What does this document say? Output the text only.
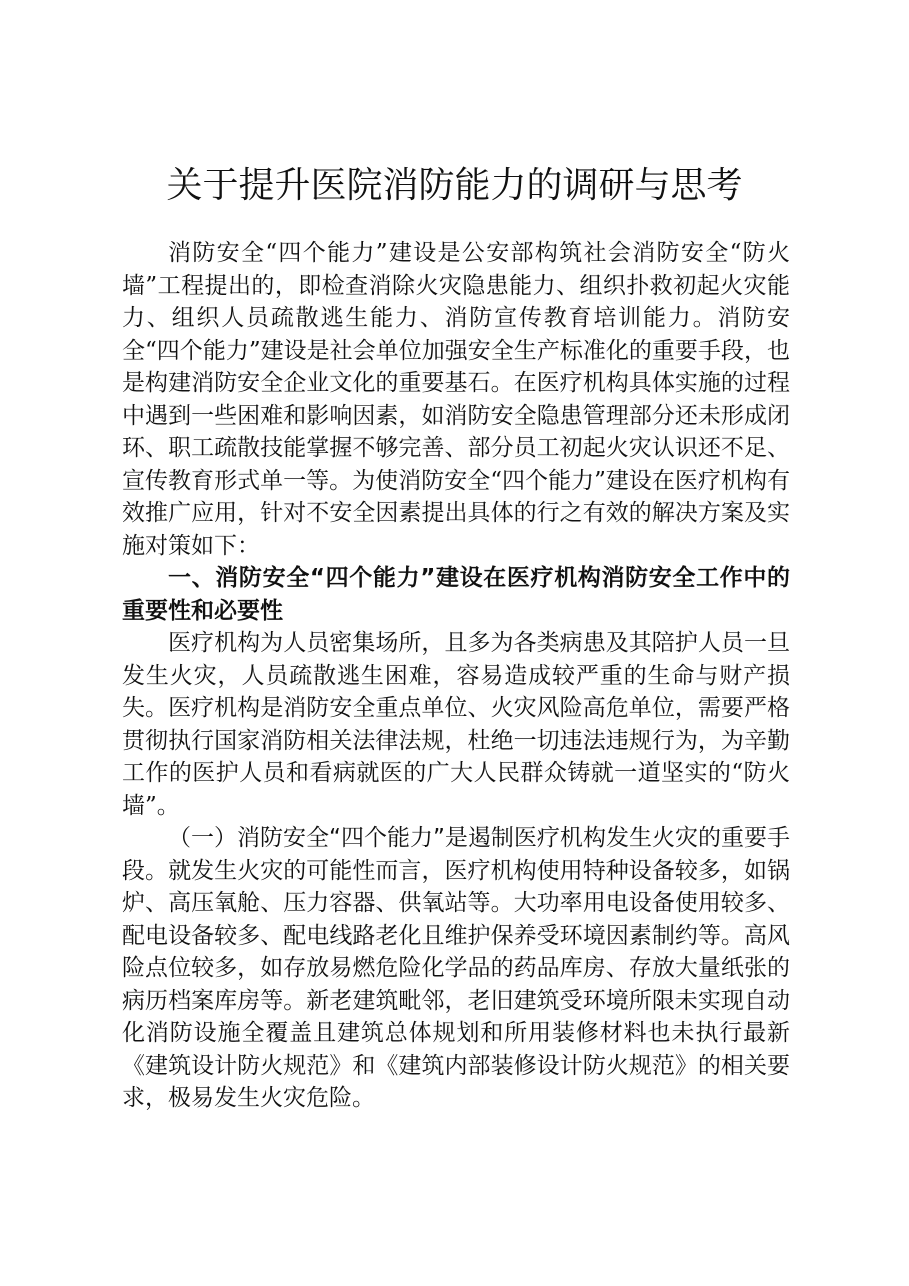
关于提升医院消防能力的调研与思考

消防安全“四个能力”建设是公安部构筑社会消防安全“防火墙”工程提出的，即检查消除火灾隐患能力、组织扑救初起火灾能力、组织人员疏散逃生能力、消防宣传教育培训能力。消防安全“四个能力”建设是社会单位加强安全生产标准化的重要手段，也是构建消防安全企业文化的重要基石。在医疗机构具体实施的过程中遇到一些困难和影响因素，如消防安全隐患管理部分还未形成闭环、职工疏散技能掌握不够完善、部分员工初起火灾认识还不足、宣传教育形式单一等。为使消防安全“四个能力”建设在医疗机构有效推广应用，针对不安全因素提出具体的行之有效的解决方案及实施对策如下：

一、消防安全“四个能力”建设在医疗机构消防安全工作中的重要性和必要性

医疗机构为人员密集场所，且多为各类病患及其陪护人员一旦发生火灾，人员疏散逃生困难，容易造成较严重的生命与财产损失。医疗机构是消防安全重点单位、火灾风险高危单位，需要严格贯彻执行国家消防相关法律法规，杜绝一切违法违规行为，为辛勤工作的医护人员和看病就医的广大人民群众铸就一道坚实的“防火墙”。

（一）消防安全“四个能力”是遏制医疗机构发生火灾的重要手段。就发生火灾的可能性而言，医疗机构使用特种设备较多，如锅炉、高压氧舱、压力容器、供氧站等。大功率用电设备使用较多、配电设备较多、配电线路老化且维护保养受环境因素制约等。高风险点位较多，如存放易燃危险化学品的药品库房、存放大量纸张的病历档案库房等。新老建筑毗邻，老旧建筑受环境所限未实现自动化消防设施全覆盖且建筑总体规划和所用装修材料也未执行最新《建筑设计防火规范》和《建筑内部装修设计防火规范》的相关要求，极易发生火灾危险。
